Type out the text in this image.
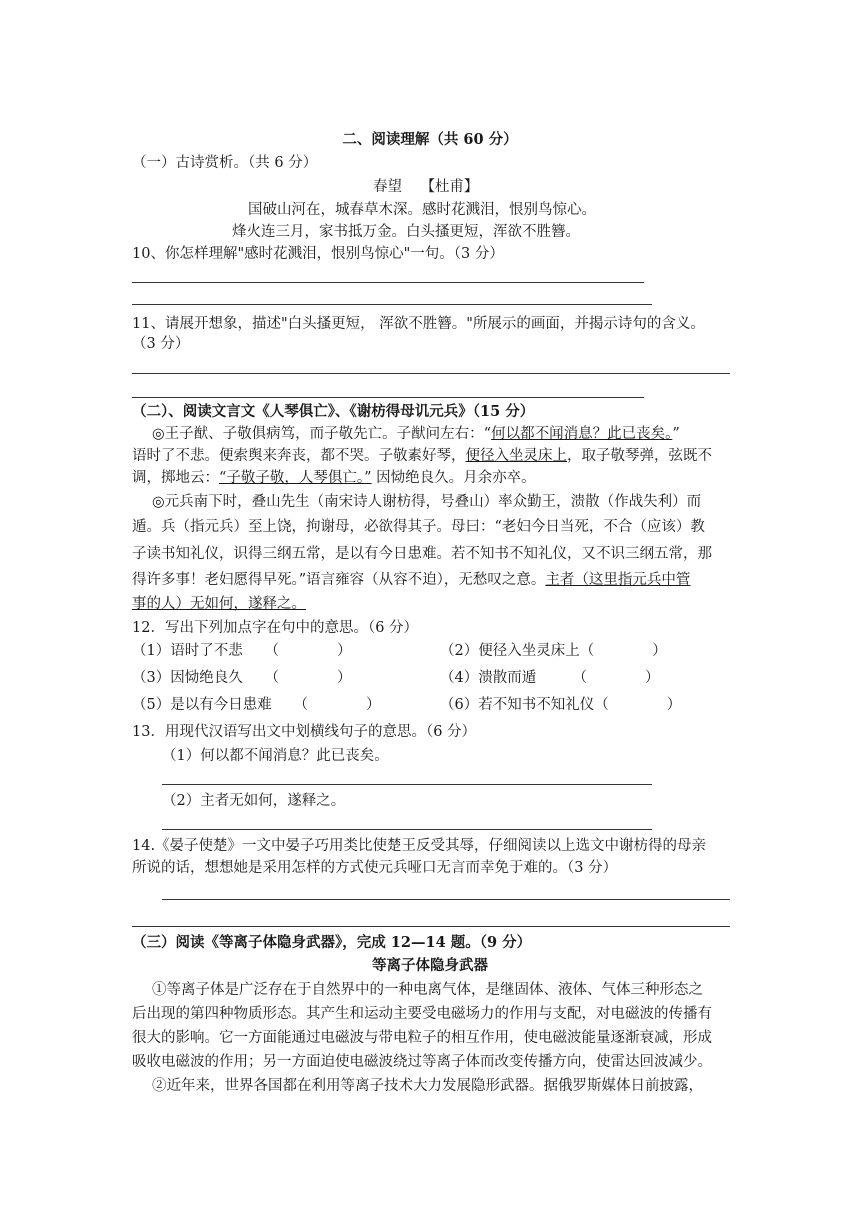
二、阅读理解（共 60 分）
（一）古诗赏析。（共 6 分）
春望 【杜甫】
国破山河在，城春草木深。感时花溅泪，恨别鸟惊心。
烽火连三月，家书抵万金。白头搔更短，浑欲不胜簪。
10、你怎样理解"感时花溅泪，恨别鸟惊心"一句。（3 分）
11、请展开想象，描述"白头搔更短， 浑欲不胜簪。"所展示的画面，并揭示诗句的含义。
（3 分）
（二）、阅读文言文《人琴俱亡》、《谢枋得母讥元兵》（15 分）
◎王子猷、子敬俱病笃，而子敬先亡。子猷问左右：“何以都不闻消息？此已丧矣。”
语时了不悲。便索舆来奔丧，都不哭。子敬素好琴，便径入坐灵床上，取子敬琴弹，弦既不
调，掷地云：“子敬子敬，人琴俱亡。” 因恸绝良久。月余亦卒。
◎元兵南下时，叠山先生（南宋诗人谢枋得，号叠山）率众勤王，溃散（作战失利）而
遁。兵（指元兵）至上饶，拘谢母，必欲得其子。母曰：“老妇今日当死，不合（应该）教
子读书知礼仪，识得三纲五常，是以有今日患难。若不知书不知礼仪，又不识三纲五常，那
得许多事！老妇愿得早死。”语言雍容（从容不迫），无愁叹之意。主者（这里指元兵中管
事的人）无如何，遂释之。
12．写出下列加点字在句中的意思。（6 分）
（1）语时了不悲　　（　　　　）	（2）便径入坐灵床上（　　　　）
（3）因恸绝良久　　（　　　　）	（4）溃散而遁　　　（　　　　）
（5）是以有今日患难　　（　　　　）	（6）若不知书不知礼仪（　　　　）
13．用现代汉语写出文中划横线句子的意思。（6 分）
（1）何以都不闻消息？此已丧矣。
（2）主者无如何，遂释之。
14.《晏子使楚》一文中晏子巧用类比使楚王反受其辱，仔细阅读以上选文中谢枋得的母亲
所说的话，想想她是采用怎样的方式使元兵哑口无言而幸免于难的。（3 分）
（三）阅读《等离子体隐身武器》，完成 12—14 题。（9 分）
等离子体隐身武器
①等离子体是广泛存在于自然界中的一种电离气体，是继固体、液体、气体三种形态之
后出现的第四种物质形态。其产生和运动主要受电磁场力的作用与支配，对电磁波的传播有
很大的影响。它一方面能通过电磁波与带电粒子的相互作用，使电磁波能量逐渐衰减，形成
吸收电磁波的作用；另一方面迫使电磁波绕过等离子体而改变传播方向，使雷达回波减少。
②近年来，世界各国都在利用等离子技术大力发展隐形武器。据俄罗斯媒体日前披露，
